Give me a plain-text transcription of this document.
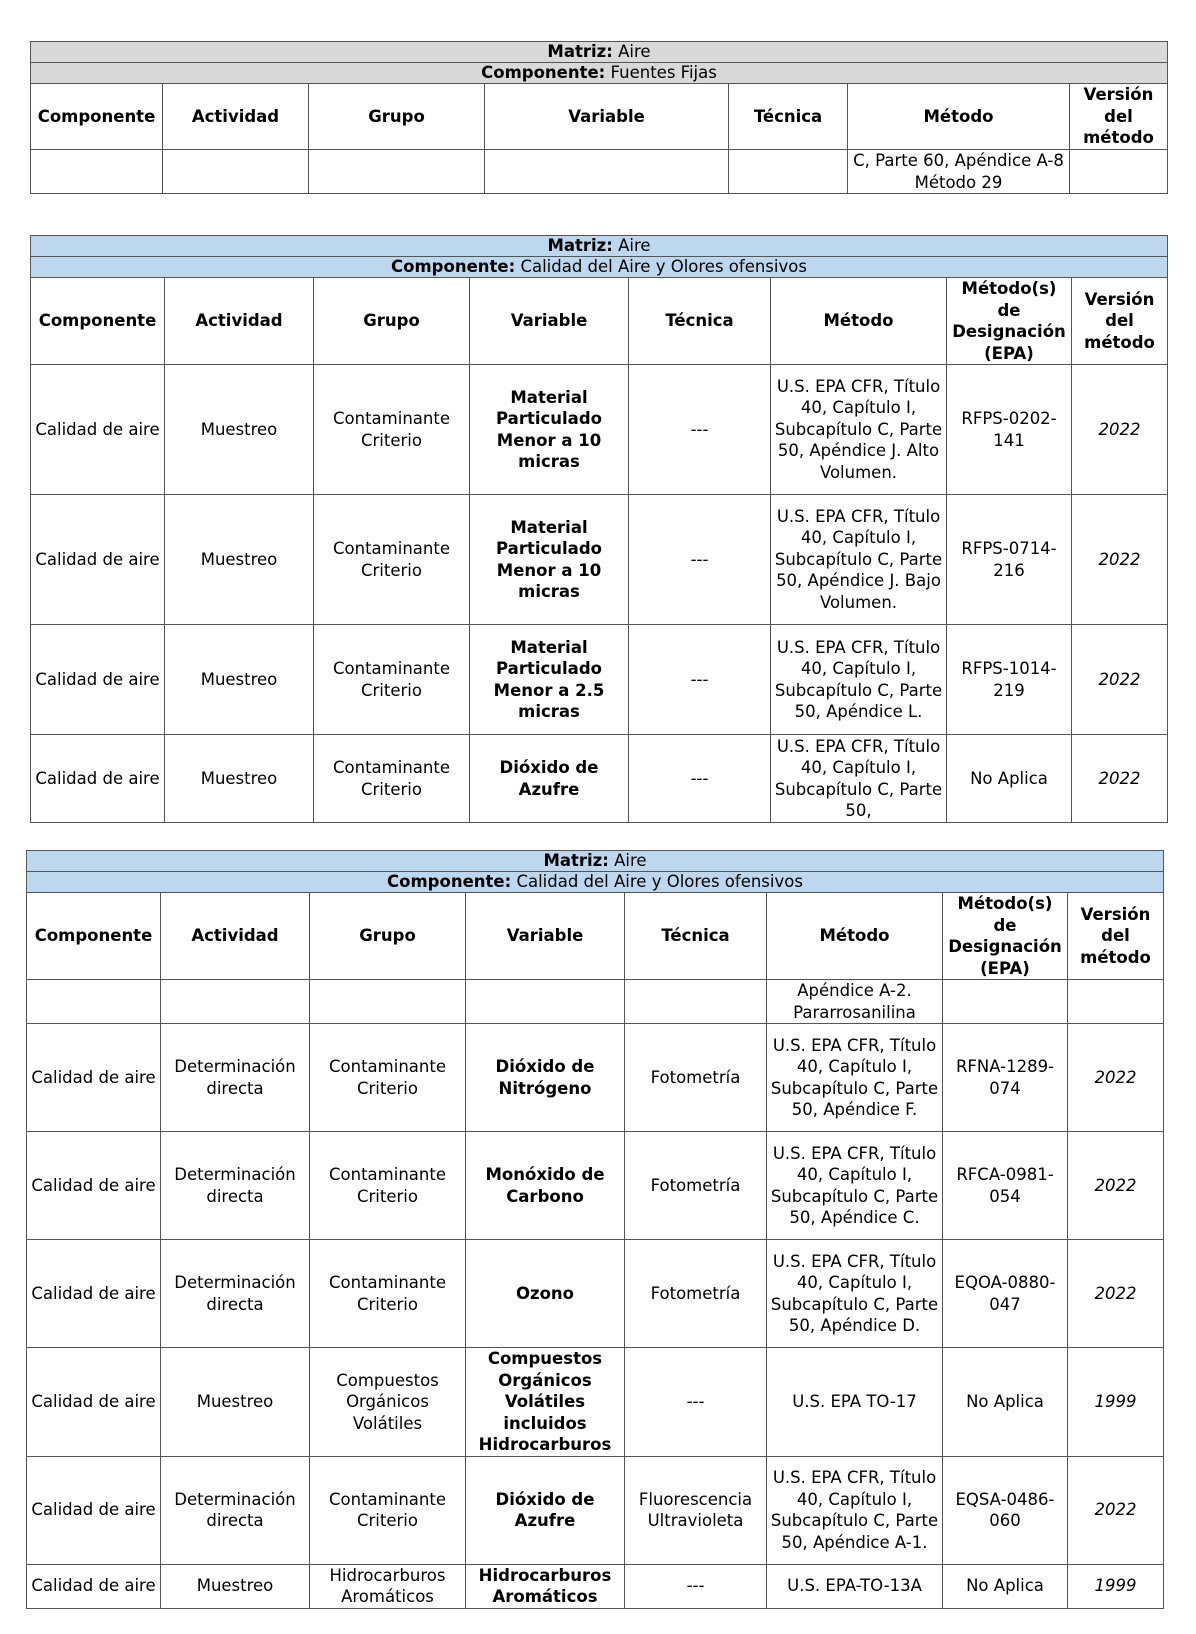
Matriz: Aire						
Componente: Fuentes Fijas						
Componente	Actividad	Grupo	Variable	Técnica	Método	Versión del método
					C, Parte 60, Apéndice A-8 Método 29	
Matriz: Aire							
Componente: Calidad del Aire y Olores ofensivos							
Componente	Actividad	Grupo	Variable	Técnica	Método	Método(s) de Designación (EPA)	Versión del método
Calidad de aire	Muestreo	Contaminante Criterio	Material Particulado Menor a 10 micras	---	U.S. EPA CFR, Título 40, Capítulo I, Subcapítulo C, Parte 50, Apéndice J. Alto Volumen.	RFPS-0202-141	2022
Calidad de aire	Muestreo	Contaminante Criterio	Material Particulado Menor a 10 micras	---	U.S. EPA CFR, Título 40, Capítulo I, Subcapítulo C, Parte 50, Apéndice J. Bajo Volumen.	RFPS-0714-216	2022
Calidad de aire	Muestreo	Contaminante Criterio	Material Particulado Menor a 2.5 micras	---	U.S. EPA CFR, Título 40, Capítulo I, Subcapítulo C, Parte 50, Apéndice L.	RFPS-1014-219	2022
Calidad de aire	Muestreo	Contaminante Criterio	Dióxido de Azufre	---	U.S. EPA CFR, Título 40, Capítulo I, Subcapítulo C, Parte 50,	No Aplica	2022
Matriz: Aire							
Componente: Calidad del Aire y Olores ofensivos							
Componente	Actividad	Grupo	Variable	Técnica	Método	Método(s) de Designación (EPA)	Versión del método
					Apéndice A-2. Pararrosanilina		
Calidad de aire	Determinación directa	Contaminante Criterio	Dióxido de Nitrógeno	Fotometría	U.S. EPA CFR, Título 40, Capítulo I, Subcapítulo C, Parte 50, Apéndice F.	RFNA-1289-074	2022
Calidad de aire	Determinación directa	Contaminante Criterio	Monóxido de Carbono	Fotometría	U.S. EPA CFR, Título 40, Capítulo I, Subcapítulo C, Parte 50, Apéndice C.	RFCA-0981-054	2022
Calidad de aire	Determinación directa	Contaminante Criterio	Ozono	Fotometría	U.S. EPA CFR, Título 40, Capítulo I, Subcapítulo C, Parte 50, Apéndice D.	EQOA-0880-047	2022
Calidad de aire	Muestreo	Compuestos Orgánicos Volátiles	Compuestos Orgánicos Volátiles incluidos Hidrocarburos	---	U.S. EPA TO-17	No Aplica	1999
Calidad de aire	Determinación directa	Contaminante Criterio	Dióxido de Azufre	Fluorescencia Ultravioleta	U.S. EPA CFR, Título 40, Capítulo I, Subcapítulo C, Parte 50, Apéndice A-1.	EQSA-0486-060	2022
Calidad de aire	Muestreo	Hidrocarburos Aromáticos	Hidrocarburos Aromáticos	---	U.S. EPA-TO-13A	No Aplica	1999
